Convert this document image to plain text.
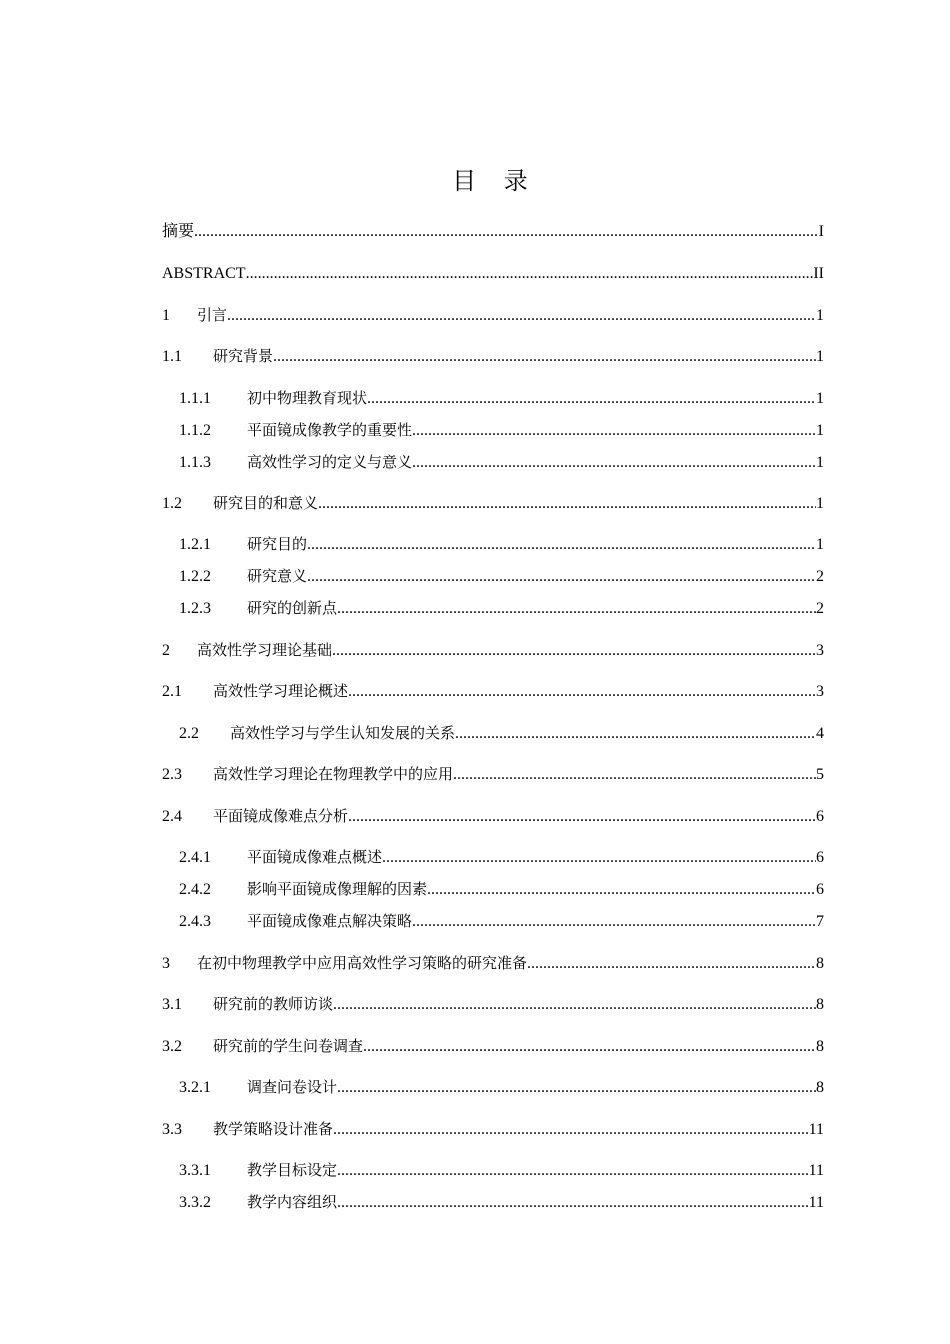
目 录
摘要 .....	I
ABSTRACT .....	II
1	引言 .....	1
1.1	研究背景 .....	1
1.1.1	初中物理教育现状 .....	1
1.1.2	平面镜成像教学的重要性 .....	1
1.1.3	高效性学习的定义与意义 .....	1
1.2	研究目的和意义 .....	1
1.2.1	研究目的 .....	1
1.2.2	研究意义 .....	2
1.2.3	研究的创新点 .....	2
2	高效性学习理论基础 .....	3
2.1	高效性学习理论概述 .....	3
2.2	高效性学习与学生认知发展的关系 .....	4
2.3	高效性学习理论在物理教学中的应用 .....	5
2.4	平面镜成像难点分析 .....	6
2.4.1	平面镜成像难点概述 .....	6
2.4.2	影响平面镜成像理解的因素 .....	6
2.4.3	平面镜成像难点解决策略 .....	7
3	在初中物理教学中应用高效性学习策略的研究准备 .....	8
3.1	研究前的教师访谈 .....	8
3.2	研究前的学生问卷调查 .....	8
3.2.1	调查问卷设计 .....	8
3.3	教学策略设计准备 .....	11
3.3.1	教学目标设定 .....	11
3.3.2	教学内容组织 .....	11
